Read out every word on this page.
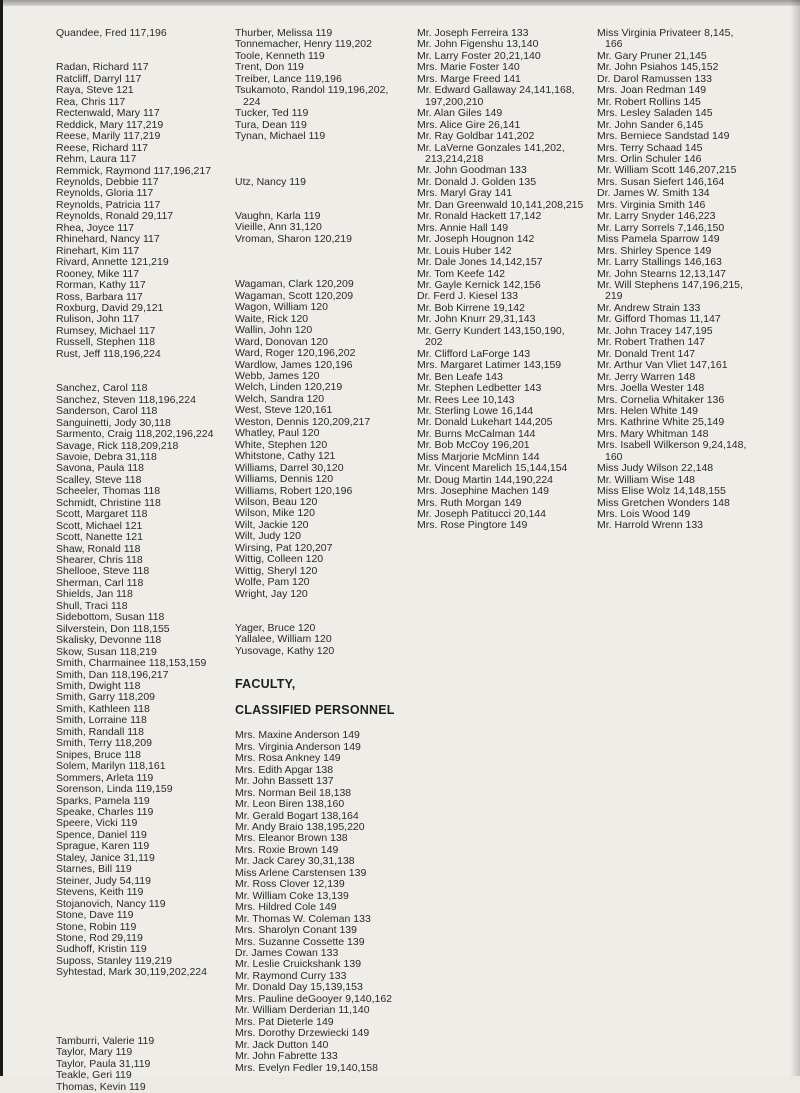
Quandee, Fred 117,196
Radan, Richard 117
Ratcliff, Darryl 117
Raya, Steve 121
Rea, Chris 117
Rectenwald, Mary 117
Reddick, Mary 117,219
Reese, Marily 117,219
Reese, Richard 117
Rehm, Laura 117
Remmick, Raymond 117,196,217
Reynolds, Debbie 117
Reynolds, Gloria 117
Reynolds, Patricia 117
Reynolds, Ronald 29,117
Rhea, Joyce 117
Rhinehard, Nancy 117
Rinehart, Kim 117
Rivard, Annette 121,219
Rooney, Mike 117
Rorman, Kathy 117
Ross, Barbara 117
Roxburg, David 29,121
Rulison, John 117
Rumsey, Michael 117
Russell, Stephen 118
Rust, Jeff 118,196,224
Sanchez, Carol 118
Sanchez, Steven 118,196,224
Sanderson, Carol 118
Sanguinetti, Jody 30,118
Sarmento, Craig 118,202,196,224
Savage, Rick 118,209,218
Savoie, Debra 31,118
Savona, Paula 118
Scalley, Steve 118
Scheeler, Thomas 118
Schmidt, Christine 118
Scott, Margaret 118
Scott, Michael 121
Scott, Nanette 121
Shaw, Ronald 118
Shearer, Chris 118
Shellooe, Steve 118
Sherman, Carl 118
Shields, Jan 118
Shull, Traci 118
Sidebottom, Susan 118
Silverstein, Don 118,155
Skalisky, Devonne 118
Skow, Susan 118,219
Smith, Charmainee 118,153,159
Smith, Dan 118,196,217
Smith, Dwight 118
Smith, Garry 118,209
Smith, Kathleen 118
Smith, Lorraine 118
Smith, Randall 118
Smith, Terry 118,209
Snipes, Bruce 118
Solem, Marilyn 118,161
Sommers, Arleta 119
Sorenson, Linda 119,159
Sparks, Pamela 119
Speake, Charles 119
Speere, Vicki 119
Spence, Daniel 119
Sprague, Karen 119
Staley, Janice 31,119
Starnes, Bill 119
Steiner, Judy 54,119
Stevens, Keith 119
Stojanovich, Nancy 119
Stone, Dave 119
Stone, Robin 119
Stone, Rod 29,119
Sudhoff, Kristin 119
Suposs, Stanley 119,219
Syhtestad, Mark 30,119,202,224
Tamburri, Valerie 119
Taylor, Mary 119
Taylor, Paula 31,119
Teakle, Geri 119
Thomas, Kevin 119
Thurber, Melissa 119
Tonnemacher, Henry 119,202
Toole, Kenneth 119
Trent, Don 119
Treiber, Lance 119,196
Tsukamoto, Randol 119,196,202,
224
Tucker, Ted 119
Tura, Dean 119
Tynan, Michael 119
Utz, Nancy 119
Vaughn, Karla 119
Vieille, Ann 31,120
Vroman, Sharon 120,219
Wagaman, Clark 120,209
Wagaman, Scott 120,209
Wagon, William 120
Waite, Rick 120
Wallin, John 120
Ward, Donovan 120
Ward, Roger 120,196,202
Wardlow, James 120,196
Webb, James 120
Welch, Linden 120,219
Welch, Sandra 120
West, Steve 120,161
Weston, Dennis 120,209,217
Whatley, Paul 120
White, Stephen 120
Whitstone, Cathy 121
Williams, Darrel 30,120
Williams, Dennis 120
Williams, Robert 120,196
Wilson, Beau 120
Wilson, Mike 120
Wilt, Jackie 120
Wilt, Judy 120
Wirsing, Pat 120,207
Wittig, Colleen 120
Wittig, Sheryl 120
Wolfe, Pam 120
Wright, Jay 120
Yager, Bruce 120
Yallalee, William 120
Yusovage, Kathy 120
FACULTY,
CLASSIFIED PERSONNEL
Mrs. Maxine Anderson 149
Mrs. Virginia Anderson 149
Mrs. Rosa Ankney 149
Mrs. Edith Apgar 138
Mr. John Bassett 137
Mrs. Norman Beil 18,138
Mr. Leon Biren 138,160
Mr. Gerald Bogart 138,164
Mr. Andy Braio 138,195,220
Mrs. Eleanor Brown 138
Mrs. Roxie Brown 149
Mr. Jack Carey 30,31,138
Miss Arlene Carstensen 139
Mr. Ross Clover 12,139
Mr. William Coke 13,139
Mrs. Hildred Cole 149
Mr. Thomas W. Coleman 133
Mrs. Sharolyn Conant 139
Mrs. Suzanne Cossette 139
Dr. James Cowan 133
Mr. Leslie Cruickshank 139
Mr. Raymond Curry 133
Mr. Donald Day 15,139,153
Mrs. Pauline deGooyer 9,140,162
Mr. William Derderian 11,140
Mrs. Pat Dieterle 149
Mrs. Dorothy Drzewiecki 149
Mr. Jack Dutton 140
Mr. John Fabrette 133
Mrs. Evelyn Fedler 19,140,158
Mr. Joseph Ferreira 133
Mr. John Figenshu 13,140
Mr. Larry Foster 20,21,140
Mrs. Marie Foster 140
Mrs. Marge Freed 141
Mr. Edward Gallaway 24,141,168,
197,200,210
Mr. Alan Giles 149
Mrs. Alice Gire 26,141
Mr. Ray Goldbar 141,202
Mr. LaVerne Gonzales 141,202,
213,214,218
Mr. John Goodman 133
Mr. Donald J. Golden 135
Mrs. Maryl Gray 141
Mr. Dan Greenwald 10,141,208,215
Mr. Ronald Hackett 17,142
Mrs. Annie Hall 149
Mr. Joseph Hougnon 142
Mr. Louis Huber 142
Mr. Dale Jones 14,142,157
Mr. Tom Keefe 142
Mr. Gayle Kernick 142,156
Dr. Ferd J. Kiesel 133
Mr. Bob Kirrene 19,142
Mr. John Knurr 29,31,143
Mr. Gerry Kundert 143,150,190,
202
Mr. Clifford LaForge 143
Mrs. Margaret Latimer 143,159
Mr. Ben Leafe 143
Mr. Stephen Ledbetter 143
Mr. Rees Lee 10,143
Mr. Sterling Lowe 16,144
Mr. Donald Lukehart 144,205
Mr. Burns McCalman 144
Mr. Bob McCoy 196,201
Miss Marjorie McMinn 144
Mr. Vincent Marelich 15,144,154
Mr. Doug Martin 144,190,224
Mrs. Josephine Machen 149
Mrs. Ruth Morgan 149
Mr. Joseph Patitucci 20,144
Mrs. Rose Pingtore 149
Miss Virginia Privateer 8,145,
166
Mr. Gary Pruner 21,145
Mr. John Psiahos 145,152
Dr. Darol Ramussen 133
Mrs. Joan Redman 149
Mr. Robert Rollins 145
Mrs. Lesley Saladen 145
Mr. John Sander 6,145
Mrs. Berniece Sandstad 149
Mrs. Terry Schaad 145
Mrs. Orlin Schuler 146
Mr. William Scott 146,207,215
Mrs. Susan Siefert 146,164
Dr. James W. Smith 134
Mrs. Virginia Smith 146
Mr. Larry Snyder 146,223
Mr. Larry Sorrels 7,146,150
Miss Pamela Sparrow 149
Mrs. Shirley Spence 149
Mr. Larry Stallings 146,163
Mr. John Stearns 12,13,147
Mr. Will Stephens 147,196,215,
219
Mr. Andrew Strain 133
Mr. Gifford Thomas 11,147
Mr. John Tracey 147,195
Mr. Robert Trathen 147
Mr. Donald Trent 147
Mr. Arthur Van Vliet 147,161
Mr. Jerry Warren 148
Mrs. Joella Wester 148
Mrs. Cornelia Whitaker 136
Mrs. Helen White 149
Mrs. Kathrine White 25,149
Mrs. Mary Whitman 148
Mrs. Isabell Wilkerson 9,24,148,
160
Miss Judy Wilson 22,148
Mr. William Wise 148
Miss Elise Wolz 14,148,155
Miss Gretchen Wonders 148
Mrs. Lois Wood 149
Mr. Harrold Wrenn 133
